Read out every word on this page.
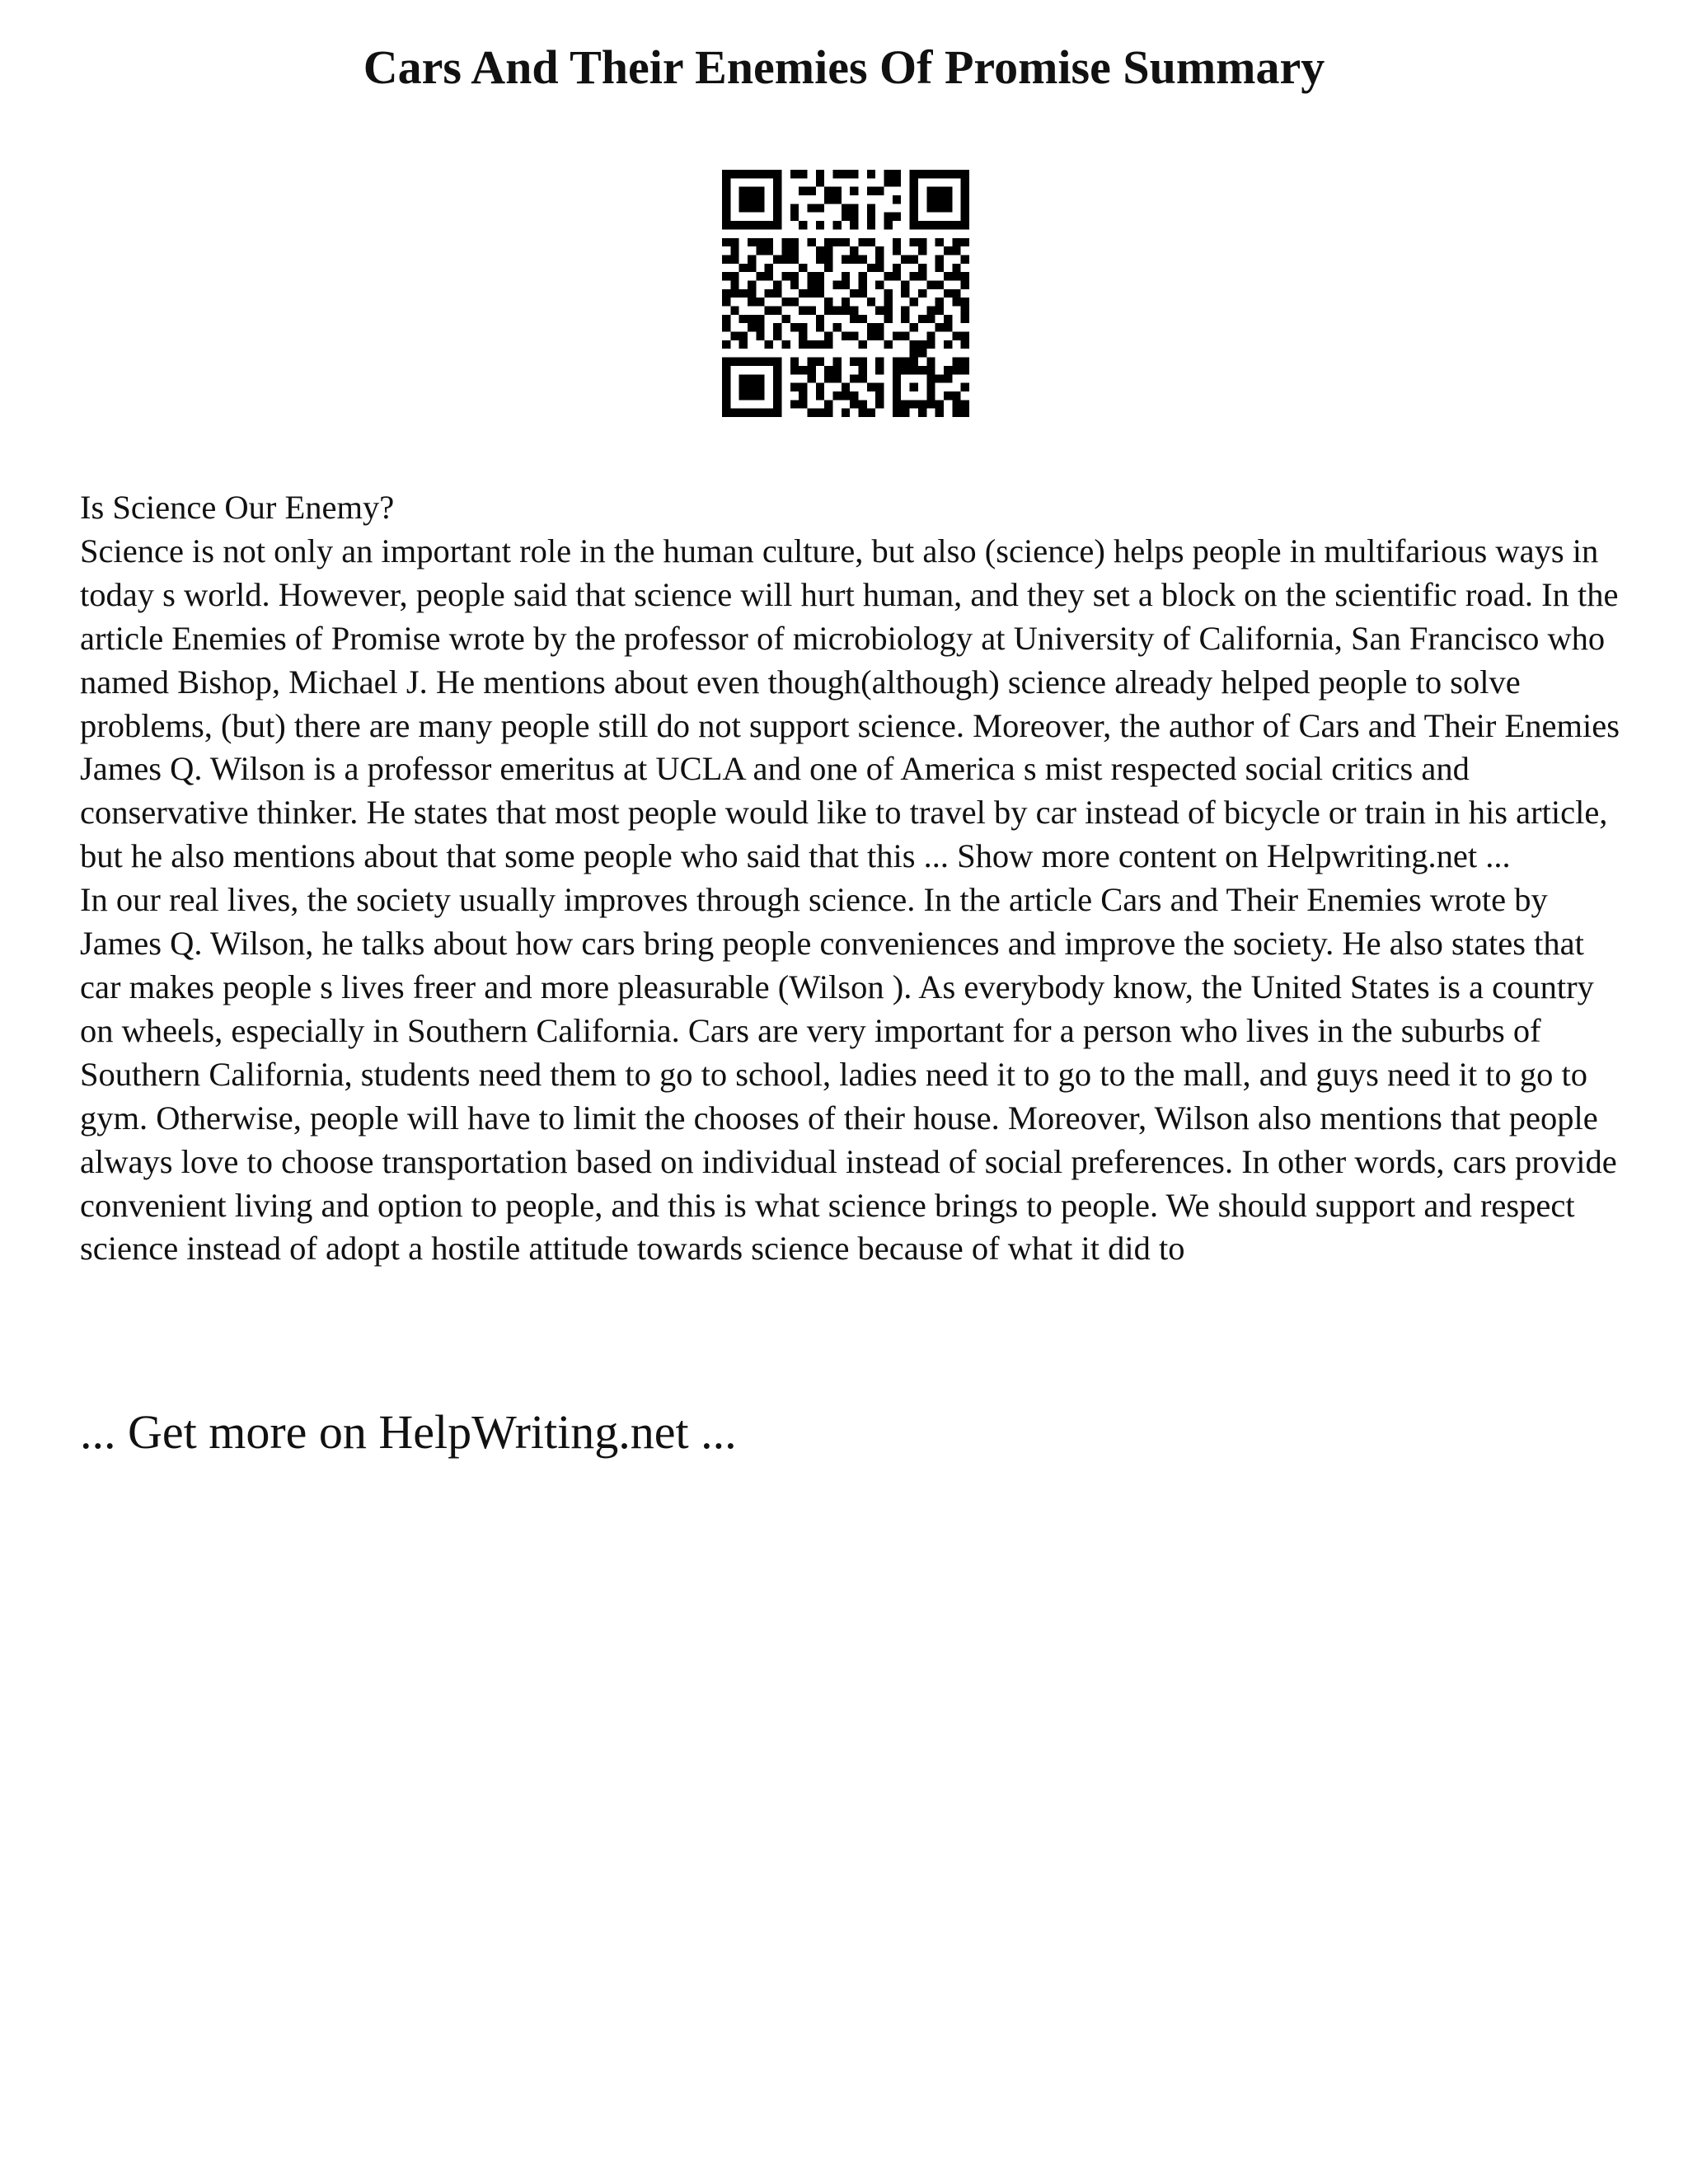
Cars And Their Enemies Of Promise Summary

Is Science Our Enemy?

Science is not only an important role in the human culture, but also (science) helps people in multifarious ways in today s world. However, people said that science will hurt human, and they set a block on the scientific road. In the article Enemies of Promise wrote by the professor of microbiology at University of California, San Francisco who named Bishop, Michael J. He mentions about even though(although) science already helped people to solve problems, (but) there are many people still do not support science. Moreover, the author of Cars and Their Enemies James Q. Wilson is a professor emeritus at UCLA and one of America s mist respected social critics and conservative thinker. He states that most people would like to travel by car instead of bicycle or train in his article, but he also mentions about that some people who said that this ... Show more content on Helpwriting.net ...

In our real lives, the society usually improves through science. In the article Cars and Their Enemies wrote by James Q. Wilson, he talks about how cars bring people conveniences and improve the society. He also states that car makes people s lives freer and more pleasurable (Wilson ). As everybody know, the United States is a country on wheels, especially in Southern California. Cars are very important for a person who lives in the suburbs of Southern California, students need them to go to school, ladies need it to go to the mall, and guys need it to go to gym. Otherwise, people will have to limit the chooses of their house. Moreover, Wilson also mentions that people always love to choose transportation based on individual instead of social preferences. In other words, cars provide convenient living and option to people, and this is what science brings to people. We should support and respect science instead of adopt a hostile attitude towards science because of what it did to

... Get more on HelpWriting.net ...
